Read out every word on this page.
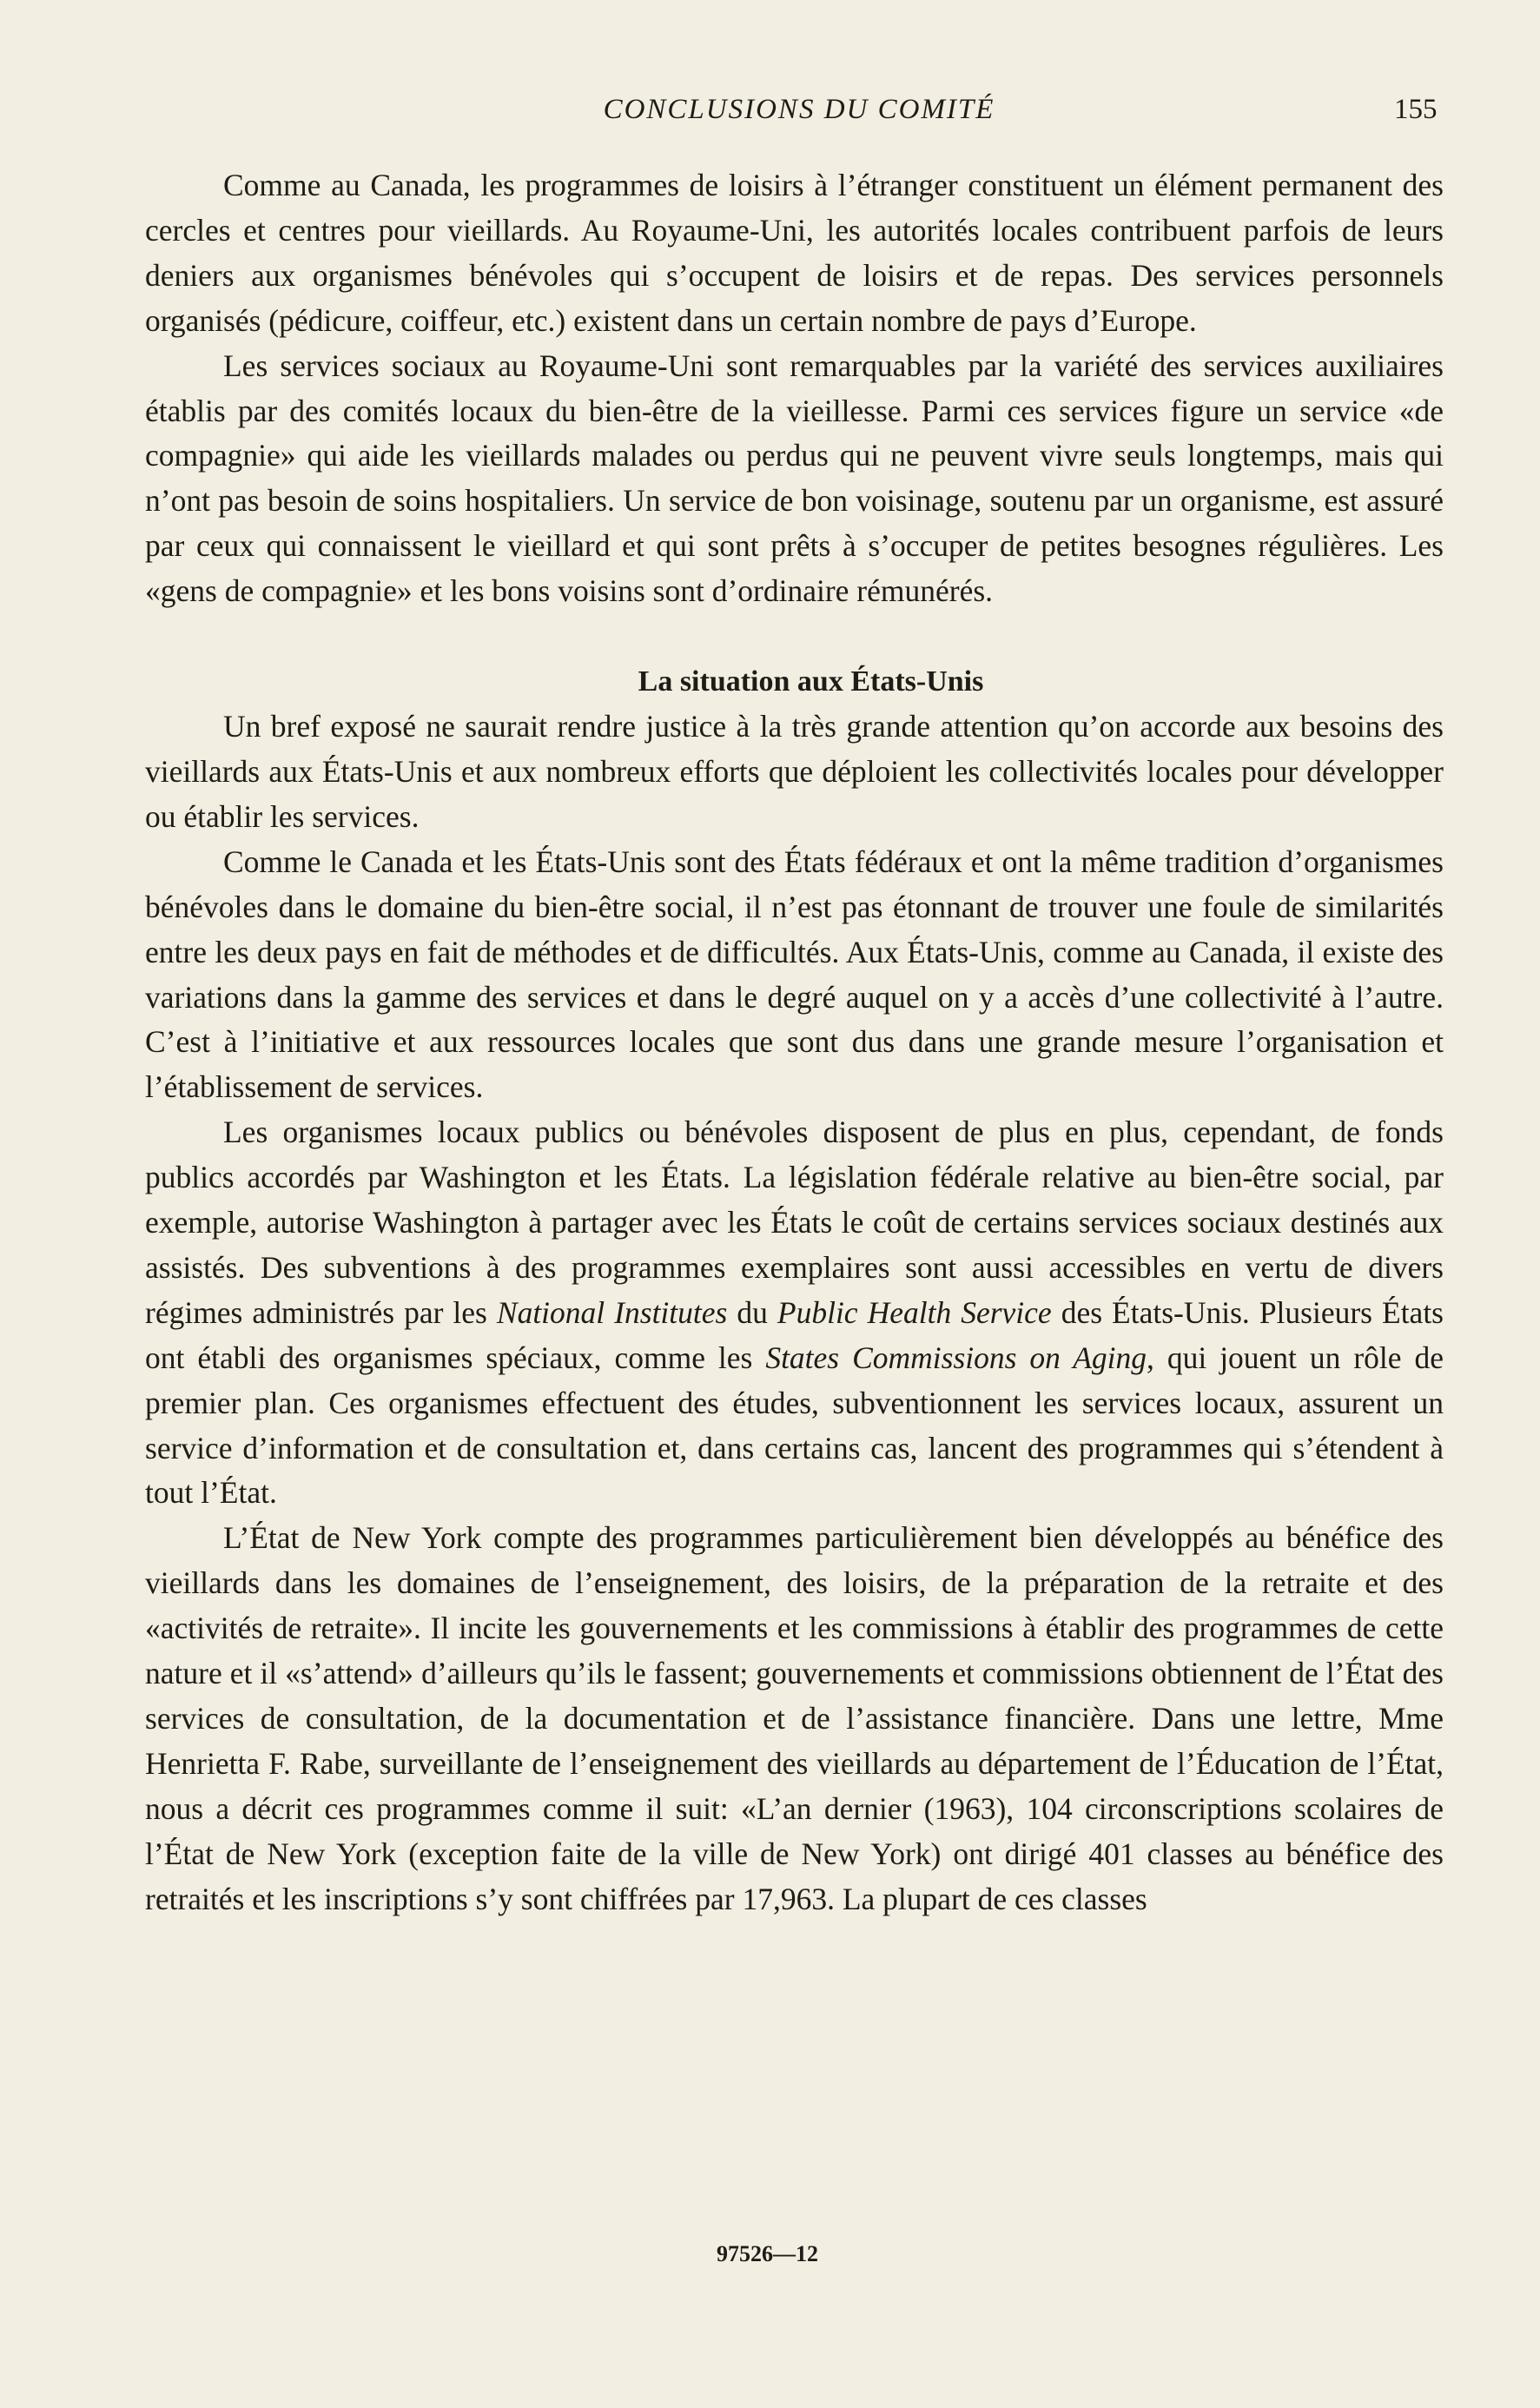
CONCLUSIONS DU COMITÉ	155

Comme au Canada, les programmes de loisirs à l’étranger constituent un élément permanent des cercles et centres pour vieillards. Au Royaume-Uni, les autorités locales contribuent parfois de leurs deniers aux organismes bénévoles qui s’occupent de loisirs et de repas. Des services personnels organisés (pédicure, coiffeur, etc.) existent dans un certain nombre de pays d’Europe.

Les services sociaux au Royaume-Uni sont remarquables par la variété des services auxiliaires établis par des comités locaux du bien-être de la vieillesse. Parmi ces services figure un service «de compagnie» qui aide les vieillards malades ou perdus qui ne peuvent vivre seuls longtemps, mais qui n’ont pas besoin de soins hospitaliers. Un service de bon voisinage, soutenu par un organisme, est assuré par ceux qui connaissent le vieillard et qui sont prêts à s’occuper de petites besognes régulières. Les «gens de compagnie» et les bons voisins sont d’ordinaire rémunérés.

La situation aux États-Unis

Un bref exposé ne saurait rendre justice à la très grande attention qu’on accorde aux besoins des vieillards aux États-Unis et aux nombreux efforts que déploient les collectivités locales pour développer ou établir les services.

Comme le Canada et les États-Unis sont des États fédéraux et ont la même tradition d’organismes bénévoles dans le domaine du bien-être social, il n’est pas étonnant de trouver une foule de similarités entre les deux pays en fait de méthodes et de difficultés. Aux États-Unis, comme au Canada, il existe des variations dans la gamme des services et dans le degré auquel on y a accès d’une collectivité à l’autre. C’est à l’initiative et aux ressources locales que sont dus dans une grande mesure l’organisation et l’établissement de services.

Les organismes locaux publics ou bénévoles disposent de plus en plus, cependant, de fonds publics accordés par Washington et les États. La législation fédérale relative au bien-être social, par exemple, autorise Washington à partager avec les États le coût de certains services sociaux destinés aux assistés. Des subventions à des programmes exemplaires sont aussi accessibles en vertu de divers régimes administrés par les National Institutes du Public Health Service des États-Unis. Plusieurs États ont établi des organismes spéciaux, comme les States Commissions on Aging, qui jouent un rôle de premier plan. Ces organismes effectuent des études, subventionnent les services locaux, assurent un service d’information et de consultation et, dans certains cas, lancent des programmes qui s’étendent à tout l’État.

L’État de New York compte des programmes particulièrement bien développés au bénéfice des vieillards dans les domaines de l’enseignement, des loisirs, de la préparation de la retraite et des «activités de retraite». Il incite les gouvernements et les commissions à établir des programmes de cette nature et il «s’attend» d’ailleurs qu’ils le fassent; gouvernements et commissions obtiennent de l’État des services de consultation, de la documentation et de l’assistance financière. Dans une lettre, Mme Henrietta F. Rabe, surveillante de l’enseignement des vieillards au département de l’Éducation de l’État, nous a décrit ces programmes comme il suit: «L’an dernier (1963), 104 circonscriptions scolaires de l’État de New York (exception faite de la ville de New York) ont dirigé 401 classes au bénéfice des retraités et les inscriptions s’y sont chiffrées par 17,963. La plupart de ces classes

97526—12
